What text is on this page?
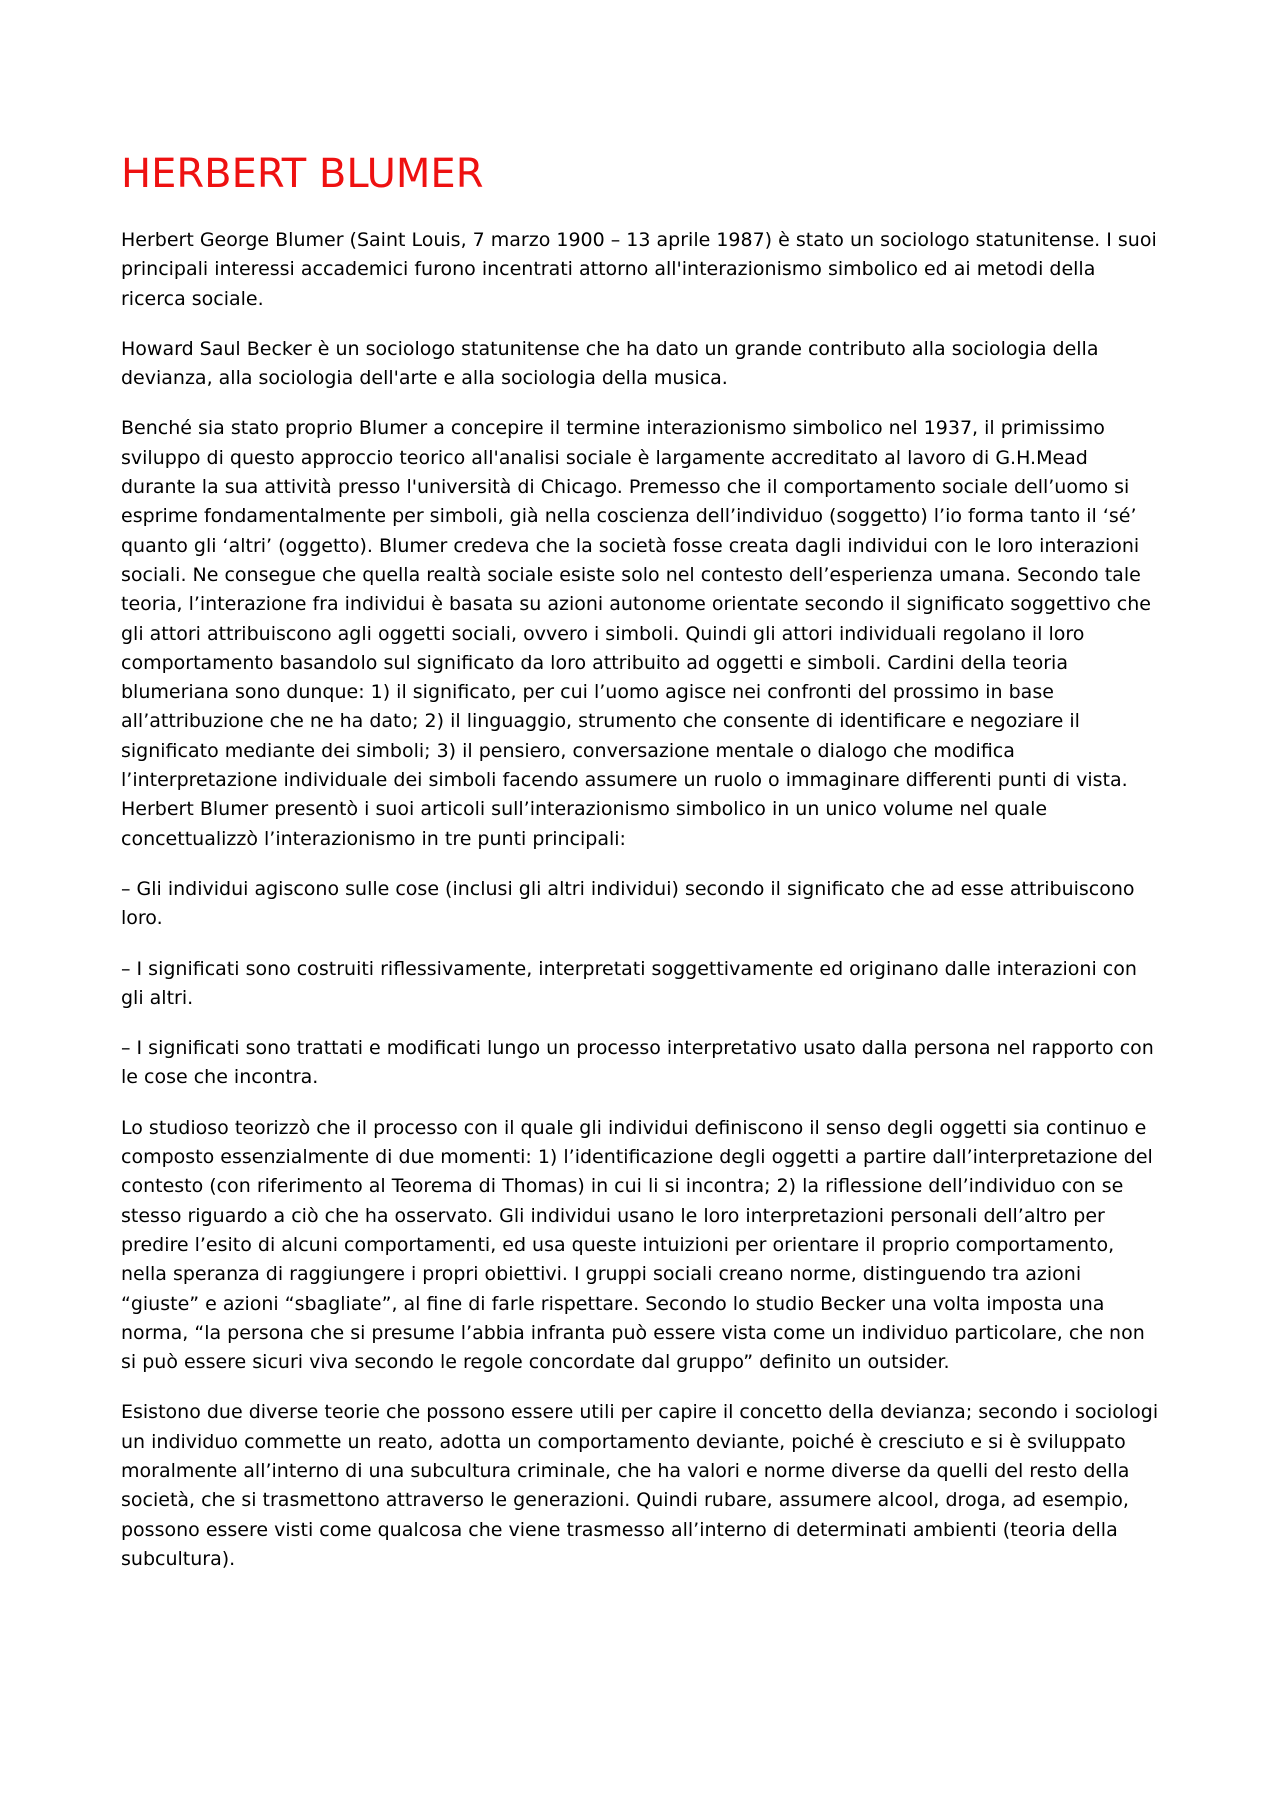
HERBERT BLUMER

Herbert George Blumer (Saint Louis, 7 marzo 1900 – 13 aprile 1987) è stato un sociologo statunitense. I suoi principali interessi accademici furono incentrati attorno all'interazionismo simbolico ed ai metodi della ricerca sociale.

Howard Saul Becker è un sociologo statunitense che ha dato un grande contributo alla sociologia della devianza, alla sociologia dell'arte e alla sociologia della musica.

Benché sia stato proprio Blumer a concepire il termine interazionismo simbolico nel 1937, il primissimo sviluppo di questo approccio teorico all'analisi sociale è largamente accreditato al lavoro di G.H.Mead durante la sua attività presso l'università di Chicago. Premesso che il comportamento sociale dell’uomo si esprime fondamentalmente per simboli, già nella coscienza dell’individuo (soggetto) l’io forma tanto il ‘sé’ quanto gli ‘altri’ (oggetto). Blumer credeva che la società fosse creata dagli individui con le loro interazioni sociali. Ne consegue che quella realtà sociale esiste solo nel contesto dell’esperienza umana. Secondo tale teoria, l’interazione fra individui è basata su azioni autonome orientate secondo il significato soggettivo che gli attori attribuiscono agli oggetti sociali, ovvero i simboli. Quindi gli attori individuali regolano il loro comportamento basandolo sul significato da loro attribuito ad oggetti e simboli. Cardini della teoria blumeriana sono dunque: 1) il significato, per cui l’uomo agisce nei confronti del prossimo in base all’attribuzione che ne ha dato; 2) il linguaggio, strumento che consente di identificare e negoziare il significato mediante dei simboli; 3) il pensiero, conversazione mentale o dialogo che modifica l’interpretazione individuale dei simboli facendo assumere un ruolo o immaginare differenti punti di vista. Herbert Blumer presentò i suoi articoli sull’interazionismo simbolico in un unico volume nel quale concettualizzò l’interazionismo in tre punti principali:

– Gli individui agiscono sulle cose (inclusi gli altri individui) secondo il significato che ad esse attribuiscono loro.

– I significati sono costruiti riflessivamente, interpretati soggettivamente ed originano dalle interazioni con gli altri.

– I significati sono trattati e modificati lungo un processo interpretativo usato dalla persona nel rapporto con le cose che incontra.

Lo studioso teorizzò che il processo con il quale gli individui definiscono il senso degli oggetti sia continuo e composto essenzialmente di due momenti: 1) l’identificazione degli oggetti a partire dall’interpretazione del contesto (con riferimento al Teorema di Thomas) in cui li si incontra; 2) la riflessione dell’individuo con se stesso riguardo a ciò che ha osservato. Gli individui usano le loro interpretazioni personali dell’altro per predire l’esito di alcuni comportamenti, ed usa queste intuizioni per orientare il proprio comportamento, nella speranza di raggiungere i propri obiettivi. I gruppi sociali creano norme, distinguendo tra azioni “giuste” e azioni “sbagliate”, al fine di farle rispettare. Secondo lo studio Becker una volta imposta una norma, “la persona che si presume l’abbia infranta può essere vista come un individuo particolare, che non si può essere sicuri viva secondo le regole concordate dal gruppo” definito un outsider.

Esistono due diverse teorie che possono essere utili per capire il concetto della devianza; secondo i sociologi un individuo commette un reato, adotta un comportamento deviante, poiché è cresciuto e si è sviluppato moralmente all’interno di una subcultura criminale, che ha valori e norme diverse da quelli del resto della società, che si trasmettono attraverso le generazioni. Quindi rubare, assumere alcool, droga, ad esempio, possono essere visti come qualcosa che viene trasmesso all’interno di determinati ambienti (teoria della subcultura).
